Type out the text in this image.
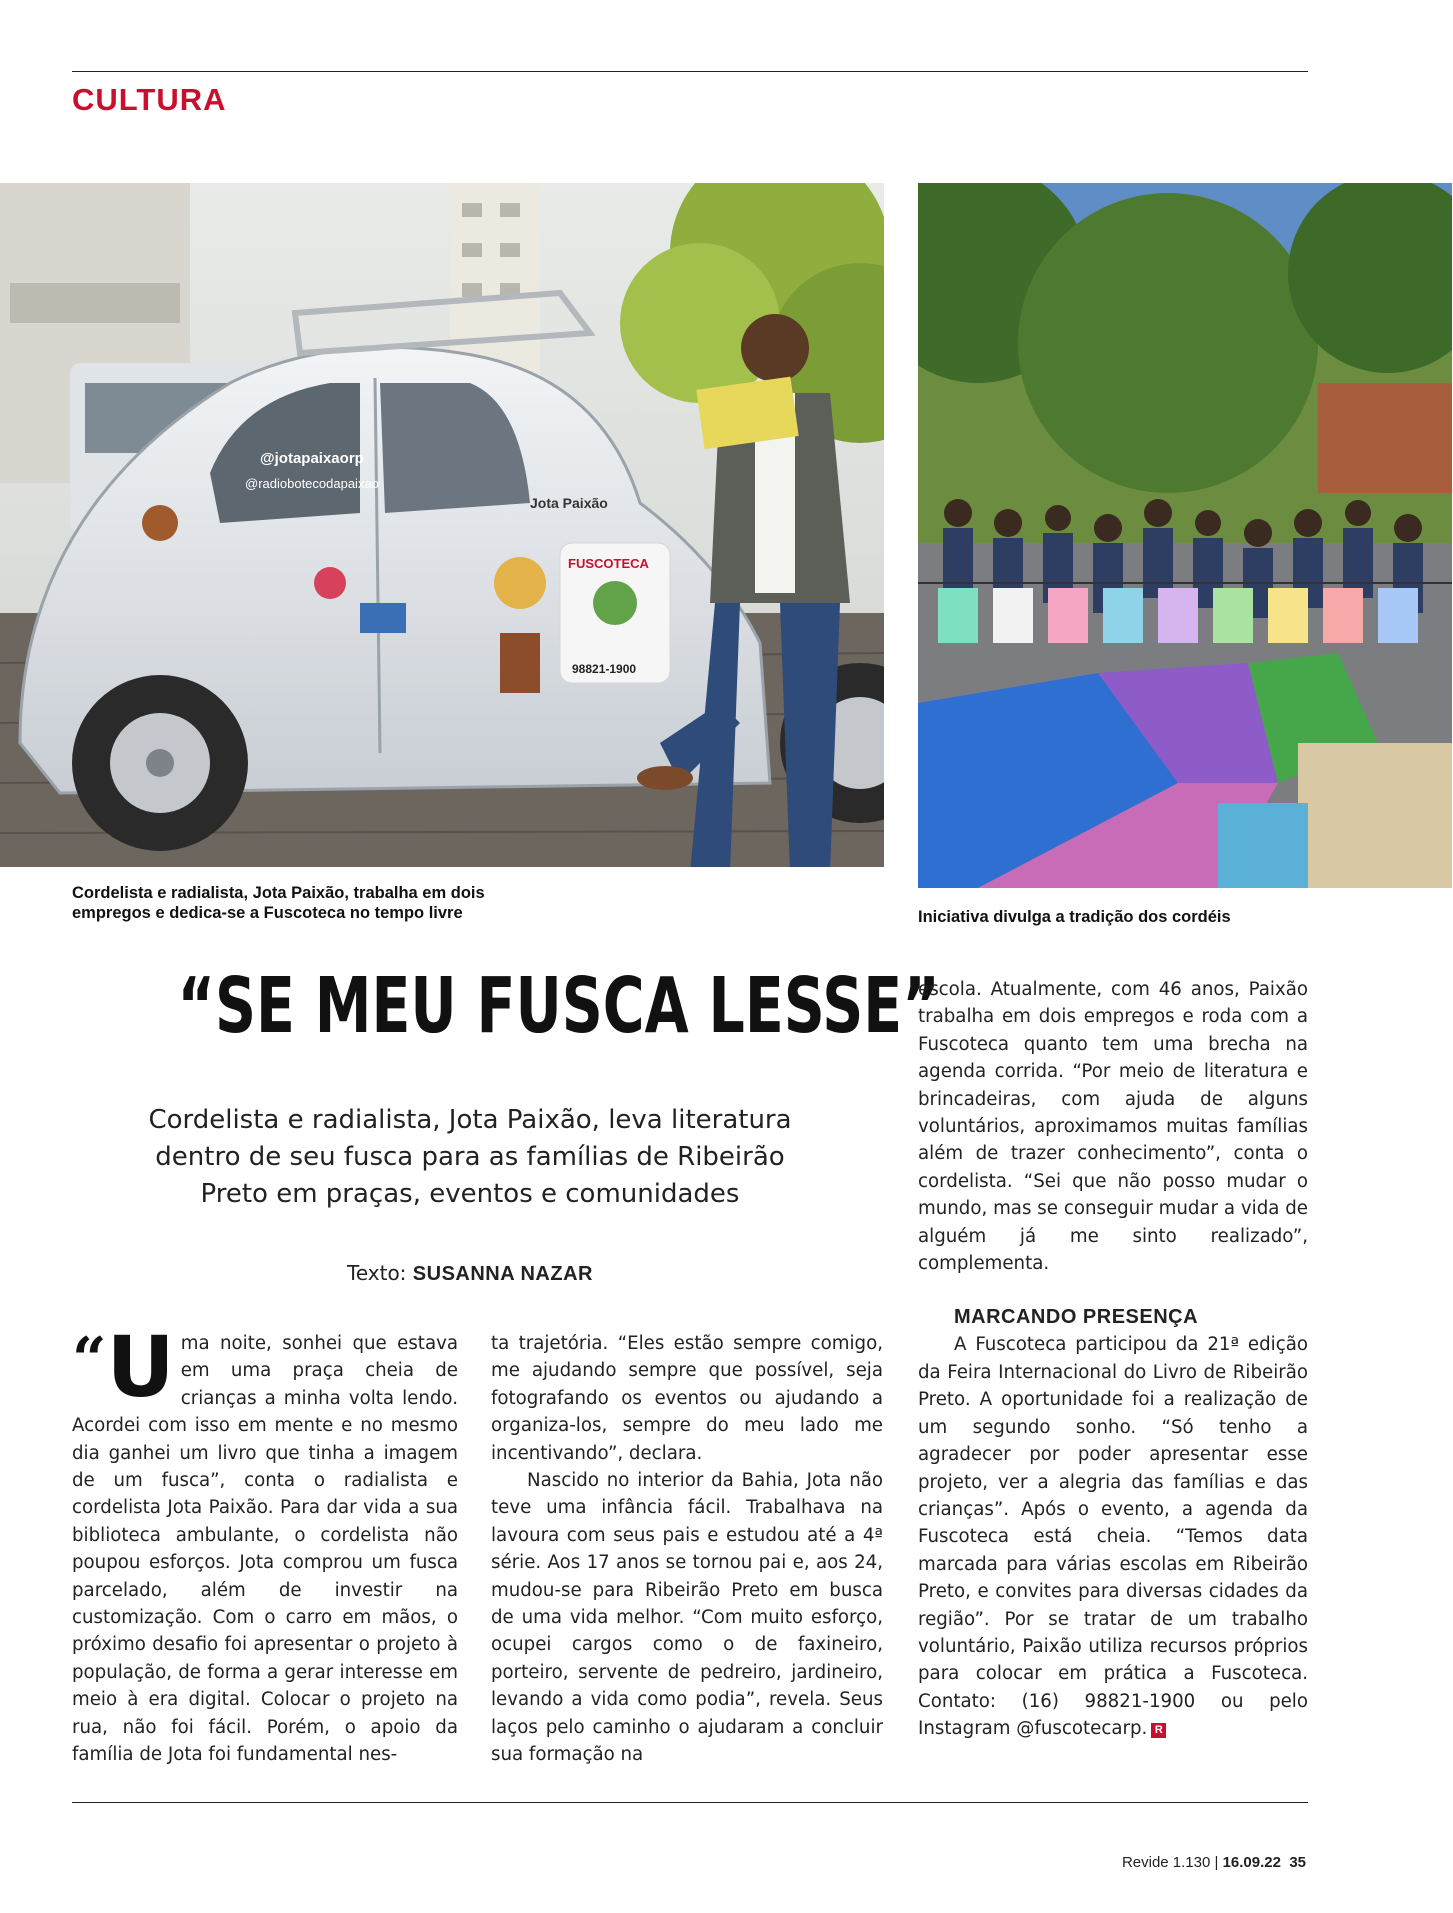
CULTURA
@jotapaixaorp
@radiobotecodapaixao
Jota Paixão
FUSCOTECA
98821-1900
Cordelista e radialista, Jota Paixão, trabalha em dois empregos e dedica-se a Fuscoteca no tempo livre	Iniciativa divulga a tradição dos cordéis
“SE MEU FUSCA LESSE”
Cordelista e radialista, Jota Paixão, leva literatura dentro de seu fusca para as famílias de Ribeirão Preto em praças, eventos e comunidades
Texto: SUSANNA NAZAR
“ U ma noite, sonhei que estava em uma praça cheia de crianças a minha volta lendo. Acordei com isso em mente e no mesmo dia ganhei um livro que tinha a imagem de um fusca”, conta o radialista e cordelista Jota Paixão. Para dar vida a sua biblioteca ambulante, o cordelista não poupou esforços. Jota comprou um fusca parcelado, além de investir na customização. Com o carro em mãos, o próximo desafio foi apresentar o projeto à população, de forma a gerar interesse em meio à era digital. Colocar o projeto na rua, não foi fácil. Porém, o apoio da família de Jota foi fundamental nes-

ta trajetória. “Eles estão sempre comigo, me ajudando sempre que possível, seja fotografando os eventos ou ajudando a organiza-los, sempre do meu lado me incentivando”, declara.

Nascido no interior da Bahia, Jota não teve uma infância fácil. Trabalhava na lavoura com seus pais e estudou até a 4ª série. Aos 17 anos se tornou pai e, aos 24, mudou-se para Ribeirão Preto em busca de uma vida melhor. “Com muito esforço, ocupei cargos como o de faxineiro, porteiro, servente de pedreiro, jardineiro, levando a vida como podia”, revela. Seus laços pelo caminho o ajudaram a concluir sua formação na

escola. Atualmente, com 46 anos, Paixão trabalha em dois empregos e roda com a Fuscoteca quanto tem uma brecha na agenda corrida. “Por meio de literatura e brincadeiras, com ajuda de alguns voluntários, aproximamos muitas famílias além de trazer conhecimento”, conta o cordelista. “Sei que não posso mudar o mundo, mas se conseguir mudar a vida de alguém já me sinto realizado”, complementa.

MARCANDO PRESENÇA

A Fuscoteca participou da 21ª edição da Feira Internacional do Livro de Ribeirão Preto. A oportunidade foi a realização de um segundo sonho. “Só tenho a agradecer por poder apresentar esse projeto, ver a alegria das famílias e das crianças”. Após o evento, a agenda da Fuscoteca está cheia. “Temos data marcada para várias escolas em Ribeirão Preto, e convites para diversas cidades da região”. Por se tratar de um trabalho voluntário, Paixão utiliza recursos próprios para colocar em prática a Fuscoteca. Contato: (16) 98821-1900 ou pelo Instagram @fuscotecarp. R

Revide 1.130 | 16.09.22 35
